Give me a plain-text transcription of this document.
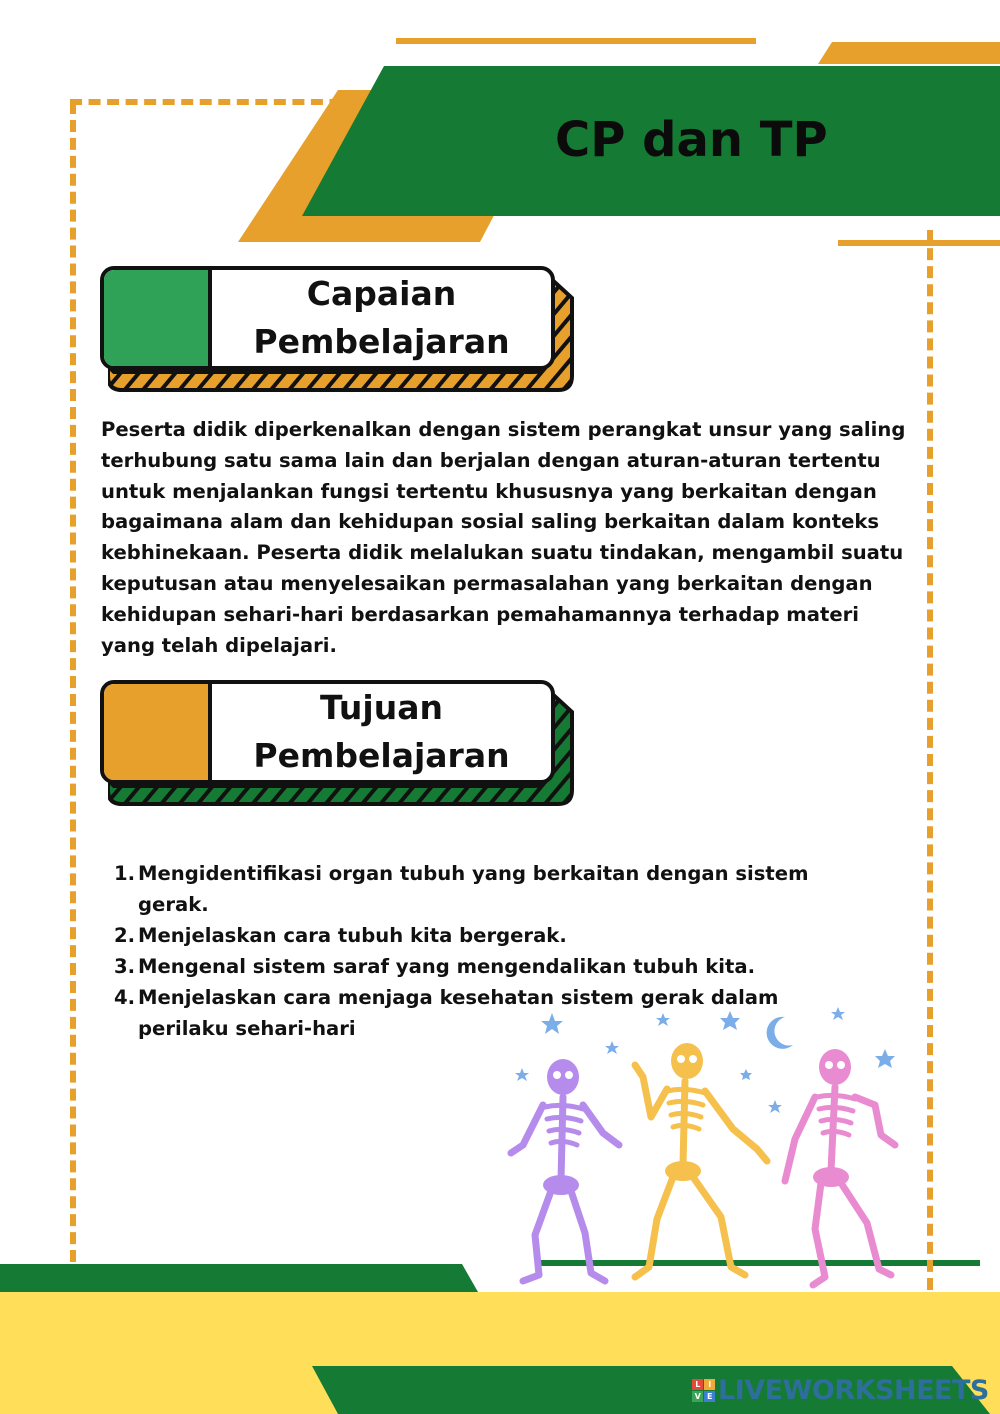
CP dan TP
Capaian
Pembelajaran

Peserta didik diperkenalkan dengan sistem perangkat unsur yang saling terhubung satu sama lain dan berjalan dengan aturan-aturan tertentu untuk menjalankan fungsi tertentu khususnya yang berkaitan dengan bagaimana alam dan kehidupan sosial saling berkaitan dalam konteks kebhinekaan. Peserta didik melalukan suatu tindakan, mengambil suatu keputusan atau menyelesaikan permasalahan yang berkaitan dengan kehidupan sehari-hari berdasarkan pemahamannya terhadap materi yang telah dipelajari.

Tujuan
Pembelajaran
1. Mengidentifikasi organ tubuh yang berkaitan dengan sistem gerak.
2. Menjelaskan cara tubuh kita bergerak.
3. Mengenal sistem saraf yang mengendalikan tubuh kita.
4. Menjelaskan cara menjaga kesehatan sistem gerak dalam perilaku sehari-hari
L	I
V E LIVEWORKSHEETS
